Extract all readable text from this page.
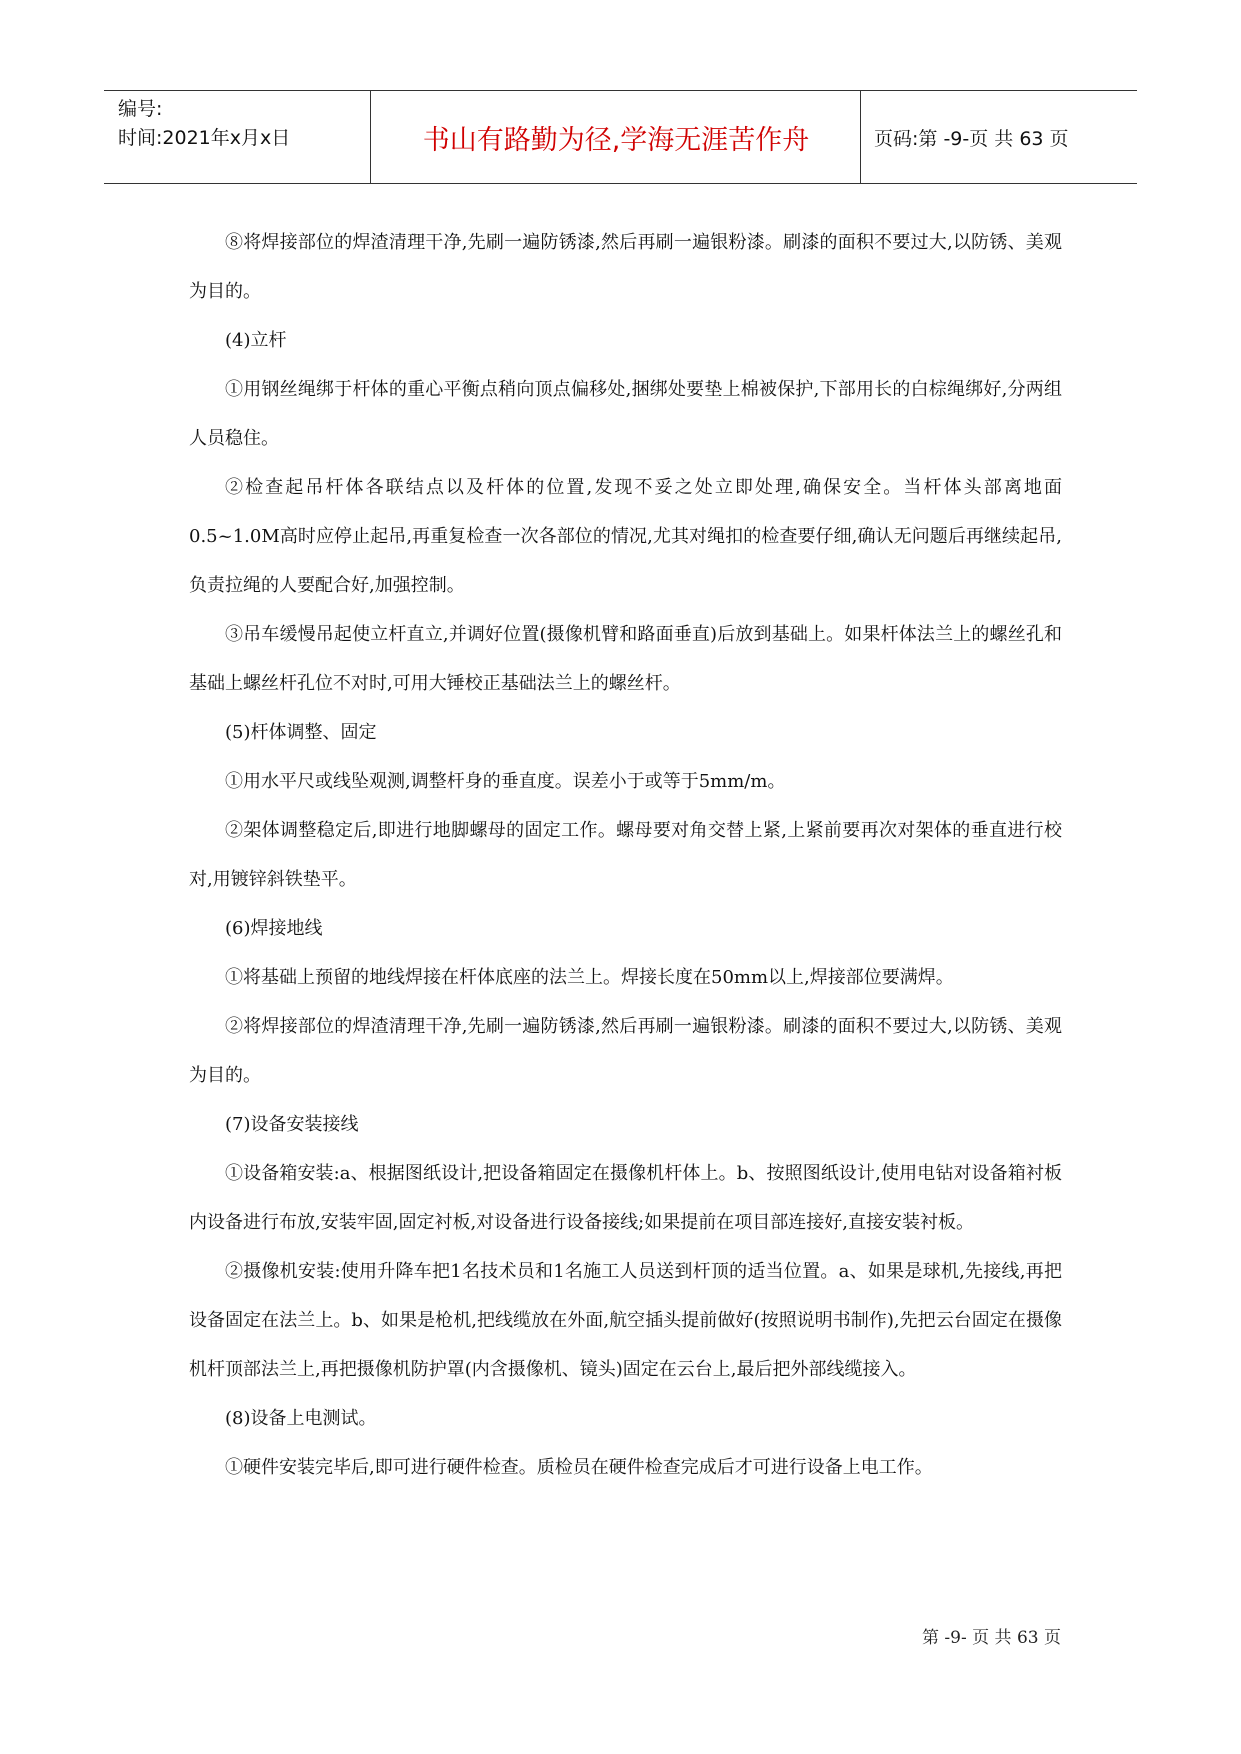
编号:
时间:2021年x月x日	书山有路勤为径,学海无涯苦作舟	页码:第 -9-页 共 63 页

⑧将焊接部位的焊渣清理干净,先刷一遍防锈漆,然后再刷一遍银粉漆。刷漆的面积不要过大,以防锈、美观为目的。

(4)立杆

①用钢丝绳绑于杆体的重心平衡点稍向顶点偏移处,捆绑处要垫上棉被保护,下部用长的白棕绳绑好,分两组人员稳住。

②检查起吊杆体各联结点以及杆体的位置,发现不妥之处立即处理,确保安全。当杆体头部离地面0.5~1.0M高时应停止起吊,再重复检查一次各部位的情况,尤其对绳扣的检查要仔细,确认无问题后再继续起吊,负责拉绳的人要配合好,加强控制。

③吊车缓慢吊起使立杆直立,并调好位置(摄像机臂和路面垂直)后放到基础上。如果杆体法兰上的螺丝孔和基础上螺丝杆孔位不对时,可用大锤校正基础法兰上的螺丝杆。

(5)杆体调整、固定

①用水平尺或线坠观测,调整杆身的垂直度。误差小于或等于5mm/m。

②架体调整稳定后,即进行地脚螺母的固定工作。螺母要对角交替上紧,上紧前要再次对架体的垂直进行校对,用镀锌斜铁垫平。

(6)焊接地线

①将基础上预留的地线焊接在杆体底座的法兰上。焊接长度在50mm以上,焊接部位要满焊。

②将焊接部位的焊渣清理干净,先刷一遍防锈漆,然后再刷一遍银粉漆。刷漆的面积不要过大,以防锈、美观为目的。

(7)设备安装接线

①设备箱安装:a、根据图纸设计,把设备箱固定在摄像机杆体上。b、按照图纸设计,使用电钻对设备箱衬板内设备进行布放,安装牢固,固定衬板,对设备进行设备接线;如果提前在项目部连接好,直接安装衬板。

②摄像机安装:使用升降车把1名技术员和1名施工人员送到杆顶的适当位置。a、如果是球机,先接线,再把设备固定在法兰上。b、如果是枪机,把线缆放在外面,航空插头提前做好(按照说明书制作),先把云台固定在摄像机杆顶部法兰上,再把摄像机防护罩(内含摄像机、镜头)固定在云台上,最后把外部线缆接入。

(8)设备上电测试。

①硬件安装完毕后,即可进行硬件检查。质检员在硬件检查完成后才可进行设备上电工作。

第 -9- 页 共 63 页
